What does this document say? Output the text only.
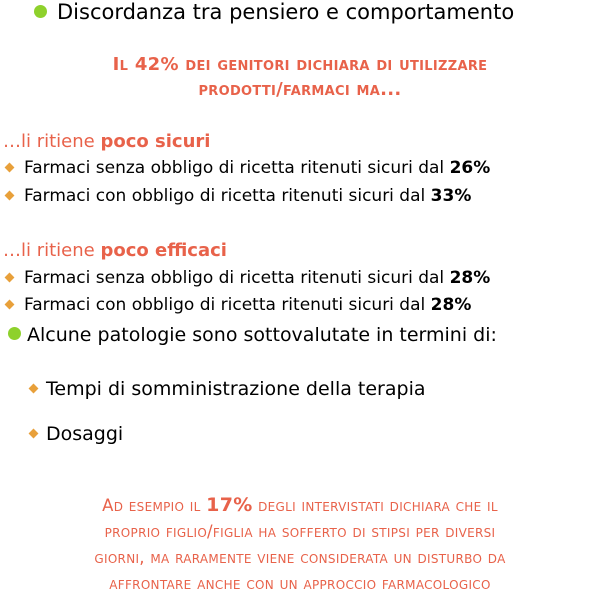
Discordanza tra pensiero e comportamento
Il 42% dei genitori dichiara di utilizzare
prodotti/farmaci ma...
…li ritiene poco sicuri
Farmaci senza obbligo di ricetta ritenuti sicuri dal 26%
Farmaci con obbligo di ricetta ritenuti sicuri dal 33%
…li ritiene poco efficaci
Farmaci senza obbligo di ricetta ritenuti sicuri dal 28%
Farmaci con obbligo di ricetta ritenuti sicuri dal 28%
Alcune patologie sono sottovalutate in termini di:
Tempi di somministrazione della terapia
Dosaggi
Ad esempio il 17% degli intervistati dichiara che il
proprio figlio/figlia ha sofferto di stipsi per diversi
giorni, ma raramente viene considerata un disturbo da
affrontare anche con un approccio farmacologico
